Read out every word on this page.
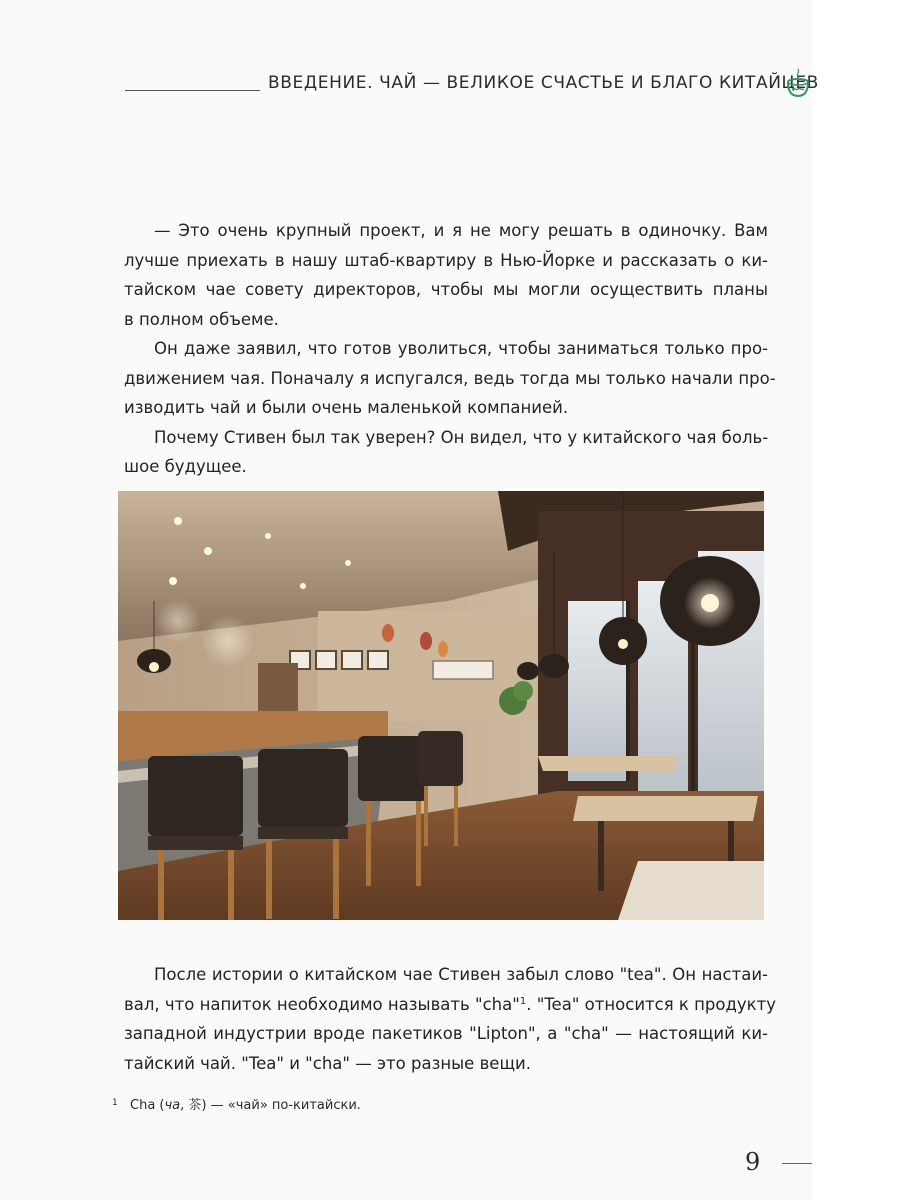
ВВЕДЕНИЕ. ЧАЙ — ВЕЛИКОЕ СЧАСТЬЕ И БЛАГО КИТАЙЦЕВ
— Это очень крупный проект, и я не могу решать в одиночку. Вам
лучше приехать в нашу штаб-квартиру в Нью-Йорке и рассказать о ки-
тайском чае совету директоров, чтобы мы могли осуществить планы
в полном объеме.
Он даже заявил, что готов уволиться, чтобы заниматься только про-
движением чая. Поначалу я испугался, ведь тогда мы только начали про-
изводить чай и были очень маленькой компанией.
Почему Стивен был так уверен? Он видел, что у китайского чая боль-
шое будущее.
После истории о китайском чае Стивен забыл слово "tea". Он настаи-
вал, что напиток необходимо называть "cha"$^1$. "Tea" относится к продукту
западной индустрии вроде пакетиков "Lipton", а "cha" — настоящий ки-
тайский чай. "Tea" и "cha" — это разные вещи.
1 Cha (чa, 茶) — «чай» по-китайски.
9
